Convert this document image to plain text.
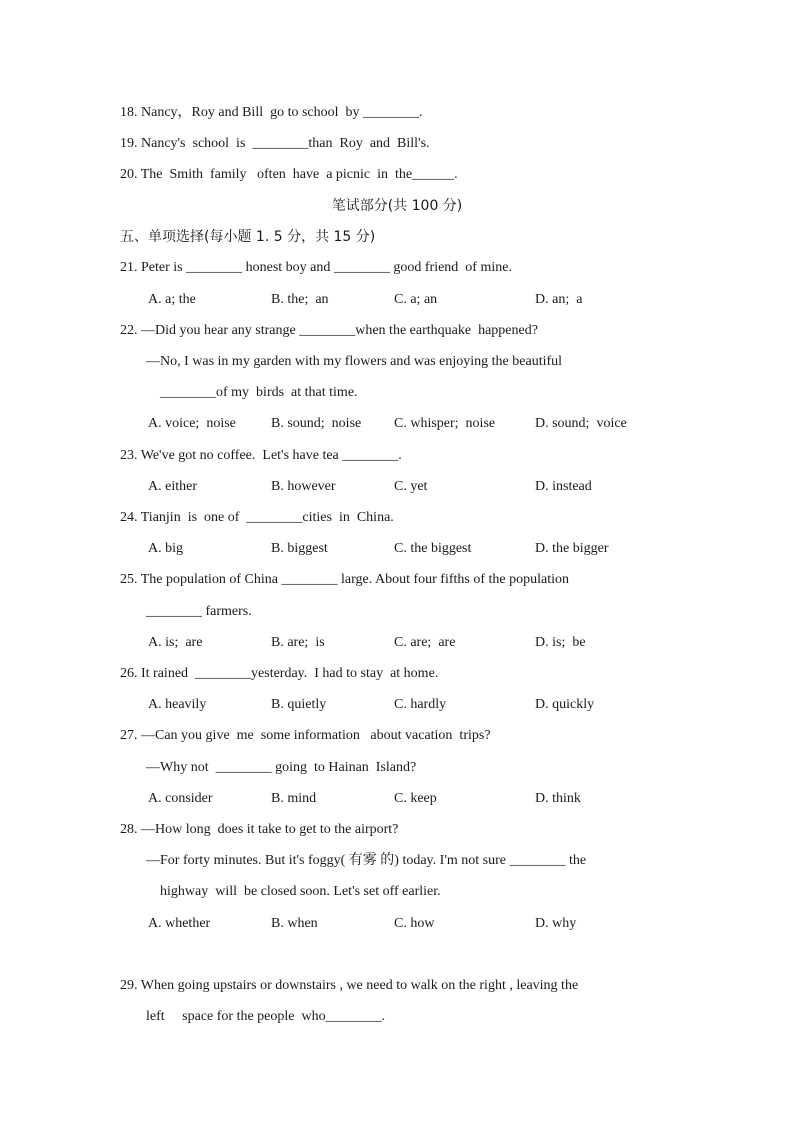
18. Nancy，Roy and Bill  go to school  by ________.
19. Nancy's  school  is  ________than  Roy  and  Bill's.
20. The  Smith  family   often  have  a picnic  in  the______.
笔试部分(共 100 分)
五、单项选择(每小题 1. 5 分，共 15 分)
21. Peter is ________ honest boy and ________ good friend  of mine.
A. a; the	B. the;  an	C. a; an	D. an;  a
22. —Did you hear any strange ________when the earthquake  happened?
—No, I was in my garden with my flowers and was enjoying the beautiful
________of my  birds  at that time.
A. voice;  noise	B. sound;  noise C. whisper;  noise	D. sound;  voice
23. We've got no coffee.  Let's have tea ________.
A. either	B. however	C. yet	D. instead
24. Tianjin  is  one of  ________cities  in  China.
A. big	B. biggest	C. the biggest	D. the bigger
25. The population of China ________ large. About four fifths of the population
________ farmers.
A. is;  are	B. are;  is	C. are;  are	D. is;  be
26. It rained  ________yesterday.  I had to stay  at home.
A. heavily	B. quietly	C. hardly	D. quickly
27. —Can you give  me  some information   about vacation  trips?
—Why not  ________ going  to Hainan  Island?
A. consider	B. mind	C. keep	D. think
28. —How long  does it take to get to the airport?
—For forty minutes. But it's foggy( 有雾 的) today. I'm not sure ________ the
highway  will  be closed soon. Let's set off earlier.
A. whether	B. when	C. how	D. why
29. When going upstairs or downstairs , we need to walk on the right , leaving the
left     space for the people  who________.
